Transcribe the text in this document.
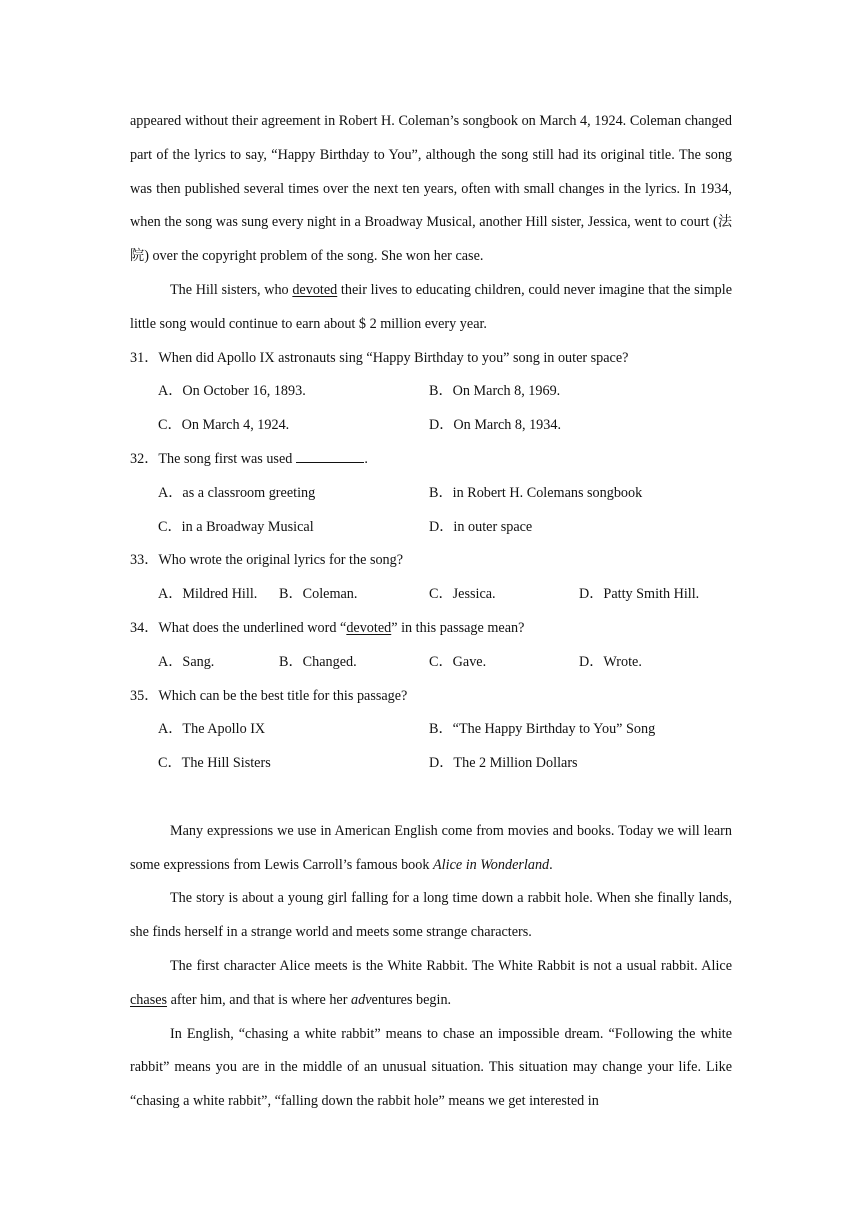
appeared without their agreement in Robert H. Coleman’s songbook on March 4, 1924. Coleman changed part of the lyrics to say, “Happy Birthday to You”, although the song still had its original title. The song was then published several times over the next ten years, often with small changes in the lyrics. In 1934, when the song was sung every night in a Broadway Musical, another Hill sister, Jessica, went to court (法院) over the copyright problem of the song. She won her case.

The Hill sisters, who devoted their lives to educating children, could never imagine that the simple little song would continue to earn about $ 2 million every year.

31．When did Apollo IX astronauts sing “Happy Birthday to you” song in outer space?

A．On October 16, 1893.	B．On March 8, 1969.
C．On March 4, 1924.	D．On March 8, 1934.

32．The song first was used	.

A．as a classroom greeting	B．in Robert H. Colemans songbook
C．in a Broadway Musical	D．in outer space

33．Who wrote the original lyrics for the song?

A．Mildred Hill. B．Coleman.	C．Jessica.	D．Patty Smith Hill.

34．What does the underlined word “devoted” in this passage mean?

A．Sang.	B．Changed.	C．Gave.	D．Wrote.

35．Which can be the best title for this passage?

A．The Apollo IX	B．“The Happy Birthday to You” Song
C．The Hill Sisters	D．The 2 Million Dollars

Many expressions we use in American English come from movies and books. Today we will learn some expressions from Lewis Carroll’s famous book Alice in Wonderland.

The story is about a young girl falling for a long time down a rabbit hole. When she finally lands, she finds herself in a strange world and meets some strange characters.

The first character Alice meets is the White Rabbit. The White Rabbit is not a usual rabbit. Alice chases after him, and that is where her adventures begin.

In English, “chasing a white rabbit” means to chase an impossible dream. “Following the white rabbit” means you are in the middle of an unusual situation. This situation may change your life. Like “chasing a white rabbit”, “falling down the rabbit hole” means we get interested in
